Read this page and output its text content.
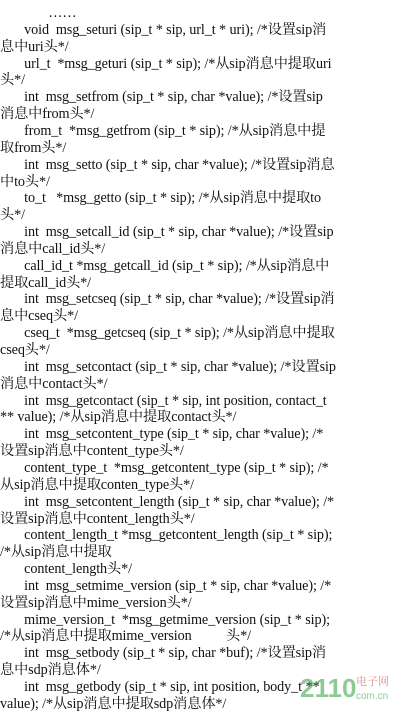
……
void  msg_seturi (sip_t * sip, url_t * uri); /*设置sip消
息中uri头*/
url_t  *msg_geturi (sip_t * sip); /*从sip消息中提取uri
头*/
int  msg_setfrom (sip_t * sip, char *value); /*设置sip
消息中from头*/
from_t  *msg_getfrom (sip_t * sip); /*从sip消息中提
取from头*/
int  msg_setto (sip_t * sip, char *value); /*设置sip消息
中to头*/
to_t   *msg_getto (sip_t * sip); /*从sip消息中提取to
头*/
int  msg_setcall_id (sip_t * sip, char *value); /*设置sip
消息中call_id头*/
call_id_t *msg_getcall_id (sip_t * sip); /*从sip消息中
提取call_id头*/
int  msg_setcseq (sip_t * sip, char *value); /*设置sip消
息中cseq头*/
cseq_t  *msg_getcseq (sip_t * sip); /*从sip消息中提取
cseq头*/
int  msg_setcontact (sip_t * sip, char *value); /*设置sip
消息中contact头*/
int  msg_getcontact (sip_t * sip, int position, contact_t
** value); /*从sip消息中提取contact头*/
int  msg_setcontent_type (sip_t * sip, char *value); /*
设置sip消息中content_type头*/
content_type_t  *msg_getcontent_type (sip_t * sip); /*
从sip消息中提取conten_type头*/
int  msg_setcontent_length (sip_t * sip, char *value); /*
设置sip消息中content_length头*/
content_length_t *msg_getcontent_length (sip_t * sip);
/*从sip消息中提取
content_length头*/
int  msg_setmime_version (sip_t * sip, char *value); /*
设置sip消息中mime_version头*/
mime_version_t  *msg_getmime_version (sip_t * sip);
/*从sip消息中提取mime_version          头*/
int  msg_setbody (sip_t * sip, char *buf); /*设置sip消
息中sdp消息体*/
int  msg_getbody (sip_t * sip, int position, body_t **
value); /*从sip消息中提取sdp消息体*/
2110 电子网
com.cn
